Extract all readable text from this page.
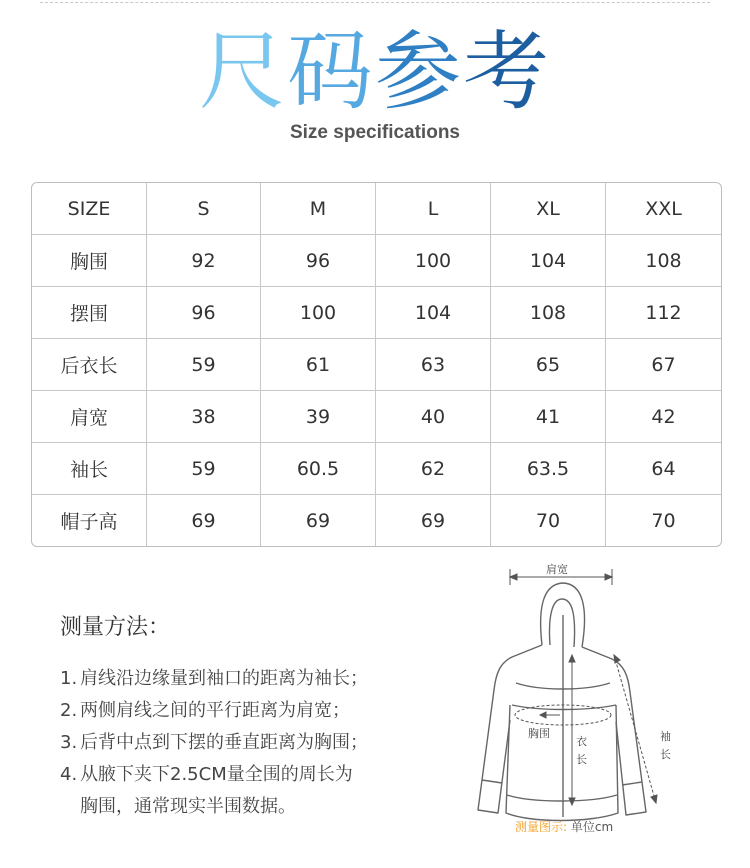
尺码参考
Size specifications
SIZE	S	M	L	XL	XXL
胸围	92	96	100	104	108
摆围	96	100	104	108	112
后衣长	59	61	63	65	67
肩宽	38	39	40	41	42
袖长	59	60.5	62	63.5	64
帽子高	69	69	69	70	70
测量方法：
1. 肩线沿边缘量到袖口的距离为袖长；
2. 两侧肩线之间的平行距离为肩宽；
3. 后背中点到下摆的垂直距离为胸围；
4. 从腋下夹下2.5CM量全围的周长为
胸围，通常现实半围数据。
肩宽
胸围
衣
长
袖
长
测量图示: 单位cm
